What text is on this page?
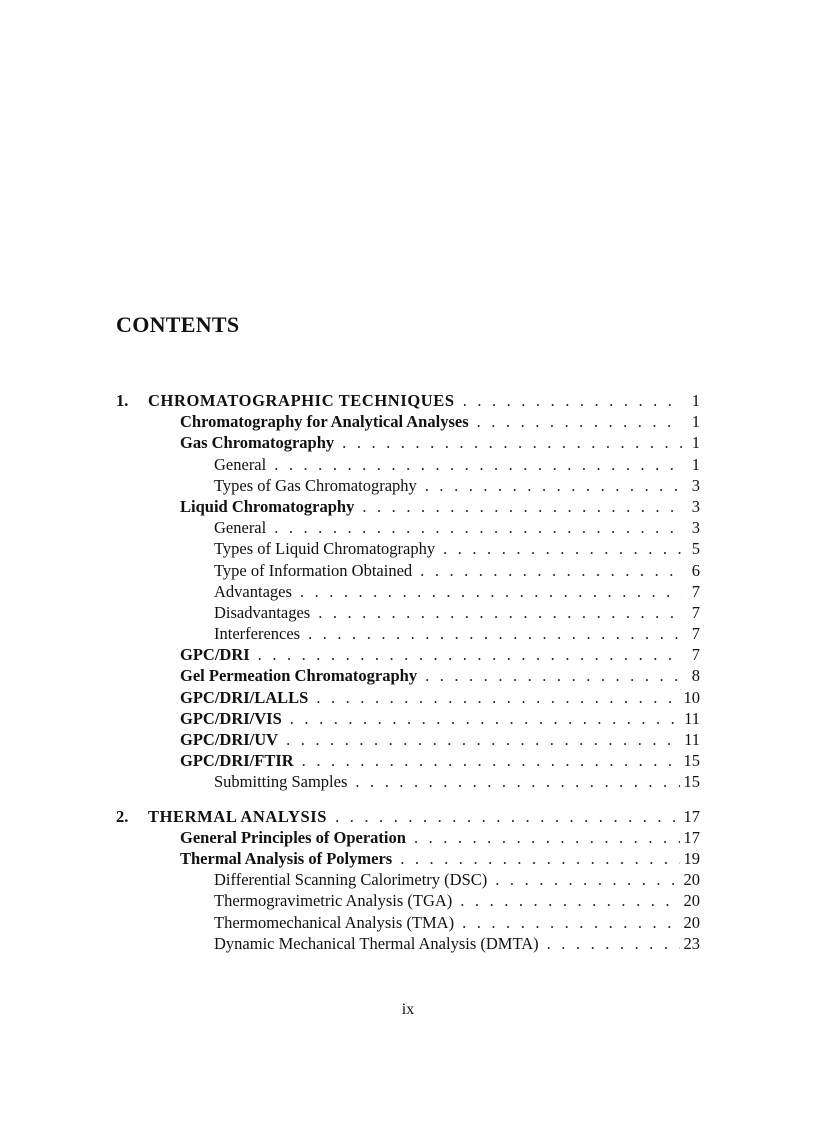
CONTENTS
1.	CHROMATOGRAPHIC TECHNIQUES . . .	1
Chromatography for Analytical Analyses . . .	1
Gas Chromatography . . .	1
General . . .	1
Types of Gas Chromatography . . .	3
Liquid Chromatography . . .	3
General . . .	3
Types of Liquid Chromatography . . .	5
Type of Information Obtained . . .	6
Advantages . . .	7
Disadvantages . . .	7
Interferences . . .	7
GPC/DRI . . .	7
Gel Permeation Chromatography . . .	8
GPC/DRI/LALLS . . .	10
GPC/DRI/VIS . . .	11
GPC/DRI/UV . . .	11
GPC/DRI/FTIR . . .	15
Submitting Samples . . .	15
2.	THERMAL ANALYSIS . . .	17
General Principles of Operation . . .	17
Thermal Analysis of Polymers . . .	19
Differential Scanning Calorimetry (DSC) . . .	20
Thermogravimetric Analysis (TGA) . . .	20
Thermomechanical Analysis (TMA) . . .	20
Dynamic Mechanical Thermal Analysis (DMTA) . . .	23
ix
